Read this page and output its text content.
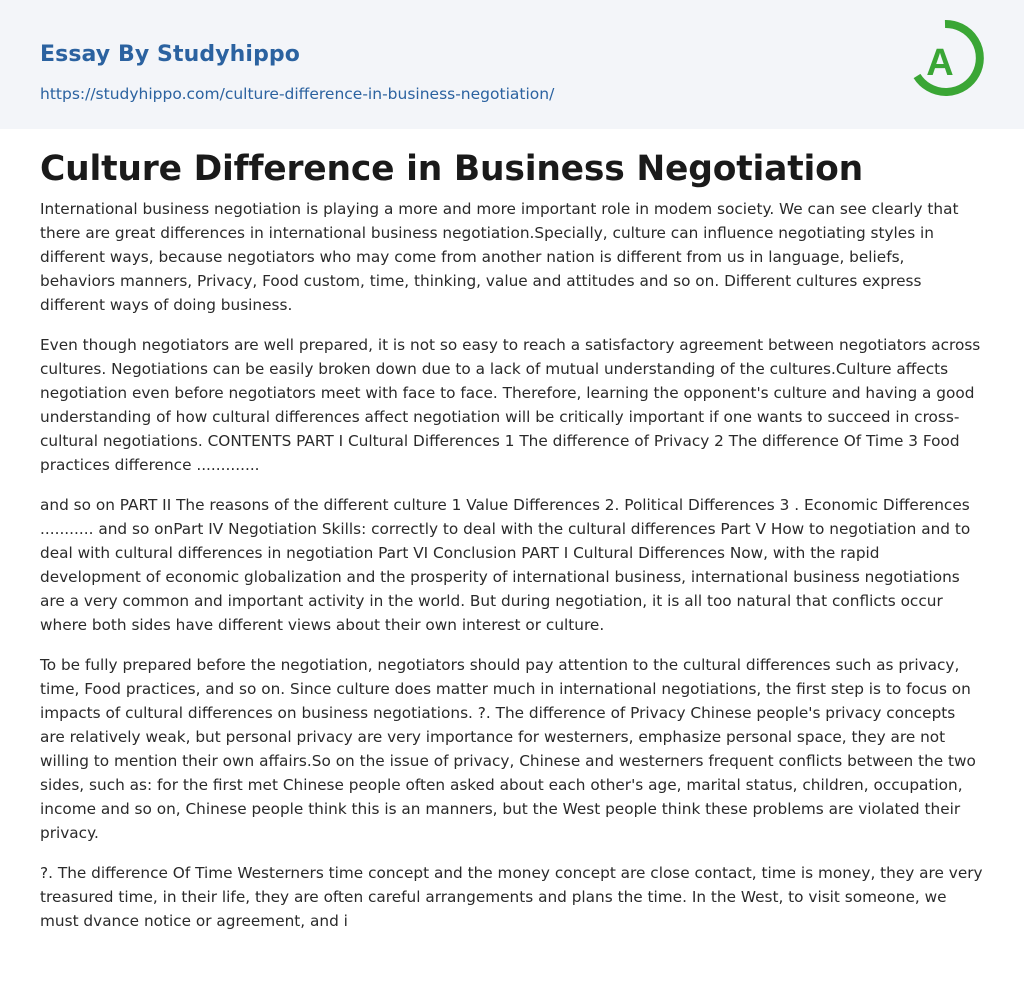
Essay By Studyhippo
https://studyhippo.com/culture-difference-in-business-negotiation/
A
Culture Difference in Business Negotiation

International business negotiation is playing a more and more important role in modem society. We can see clearly that there are great differences in international business negotiation.Specially, culture can influence negotiating styles in different ways, because negotiators who may come from another nation is different from us in language, beliefs, behaviors manners, Privacy, Food custom, time, thinking, value and attitudes and so on. Different cultures express different ways of doing business.

Even though negotiators are well prepared, it is not so easy to reach a satisfactory agreement between negotiators across cultures. Negotiations can be easily broken down due to a lack of mutual understanding of the cultures.Culture affects negotiation even before negotiators meet with face to face. Therefore, learning the opponent's culture and having a good understanding of how cultural differences affect negotiation will be critically important if one wants to succeed in cross-cultural negotiations. CONTENTS PART I Cultural Differences 1 The difference of Privacy 2 The difference Of Time 3 Food practices difference .............

and so on PART II The reasons of the different culture 1 Value Differences 2. Political Differences 3 . Economic Differences ........... and so onPart IV Negotiation Skills: correctly to deal with the cultural differences Part V How to negotiation and to deal with cultural differences in negotiation Part VI Conclusion PART I Cultural Differences Now, with the rapid development of economic globalization and the prosperity of international business, international business negotiations are a very common and important activity in the world. But during negotiation, it is all too natural that conflicts occur where both sides have different views about their own interest or culture.

To be fully prepared before the negotiation, negotiators should pay attention to the cultural differences such as privacy, time, Food practices, and so on. Since culture does matter much in international negotiations, the first step is to focus on impacts of cultural differences on business negotiations. ?. The difference of Privacy Chinese people's privacy concepts are relatively weak, but personal privacy are very importance for westerners, emphasize personal space, they are not willing to mention their own affairs.So on the issue of privacy, Chinese and westerners frequent conflicts between the two sides, such as: for the first met Chinese people often asked about each other's age, marital status, children, occupation, income and so on, Chinese people think this is an manners, but the West people think these problems are violated their privacy.

?. The difference Of Time Westerners time concept and the money concept are close contact, time is money, they are very treasured time, in their life, they are often careful arrangements and plans the time. In the West, to visit someone, we must dvance notice or agreement, and i
